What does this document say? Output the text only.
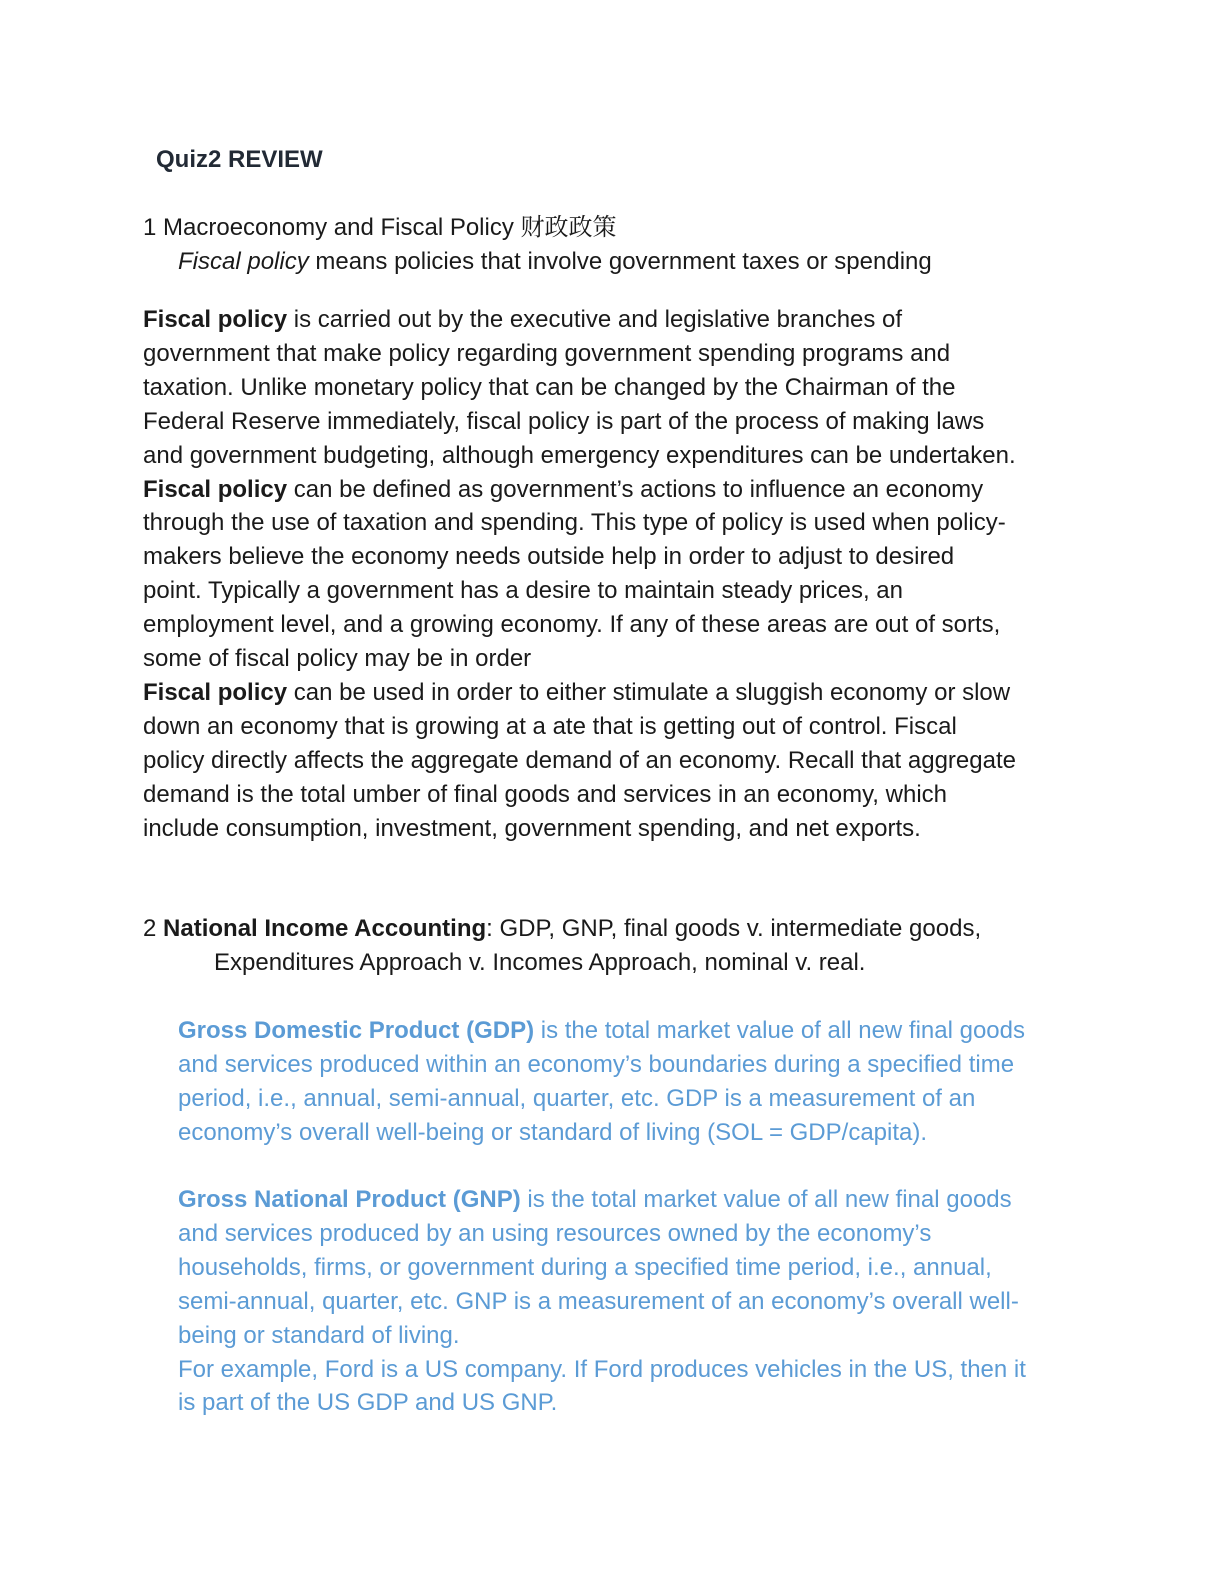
Quiz2 REVIEW
1 Macroeconomy and Fiscal Policy 财政政策
Fiscal policy means policies that involve government taxes or spending
Fiscal policy is carried out by the executive and legislative branches of
government that make policy regarding government spending programs and
taxation. Unlike monetary policy that can be changed by the Chairman of the
Federal Reserve immediately, fiscal policy is part of the process of making laws
and government budgeting, although emergency expenditures can be undertaken.
Fiscal policy can be defined as government’s actions to influence an economy
through the use of taxation and spending. This type of policy is used when policy-
makers believe the economy needs outside help in order to adjust to desired
point. Typically a government has a desire to maintain steady prices, an
employment level, and a growing economy. If any of these areas are out of sorts,
some of fiscal policy may be in order
Fiscal policy can be used in order to either stimulate a sluggish economy or slow
down an economy that is growing at a ate that is getting out of control. Fiscal
policy directly affects the aggregate demand of an economy. Recall that aggregate
demand is the total umber of final goods and services in an economy, which
include consumption, investment, government spending, and net exports.
2 National Income Accounting: GDP, GNP, final goods v. intermediate goods,
Expenditures Approach v. Incomes Approach, nominal v. real.
Gross Domestic Product (GDP) is the total market value of all new final goods
and services produced within an economy’s boundaries during a specified time
period, i.e., annual, semi-annual, quarter, etc. GDP is a measurement of an
economy’s overall well-being or standard of living (SOL = GDP/capita).
Gross National Product (GNP) is the total market value of all new final goods
and services produced by an using resources owned by the economy’s
households, firms, or government during a specified time period, i.e., annual,
semi-annual, quarter, etc. GNP is a measurement of an economy’s overall well-
being or standard of living.
For example, Ford is a US company. If Ford produces vehicles in the US, then it
is part of the US GDP and US GNP.
